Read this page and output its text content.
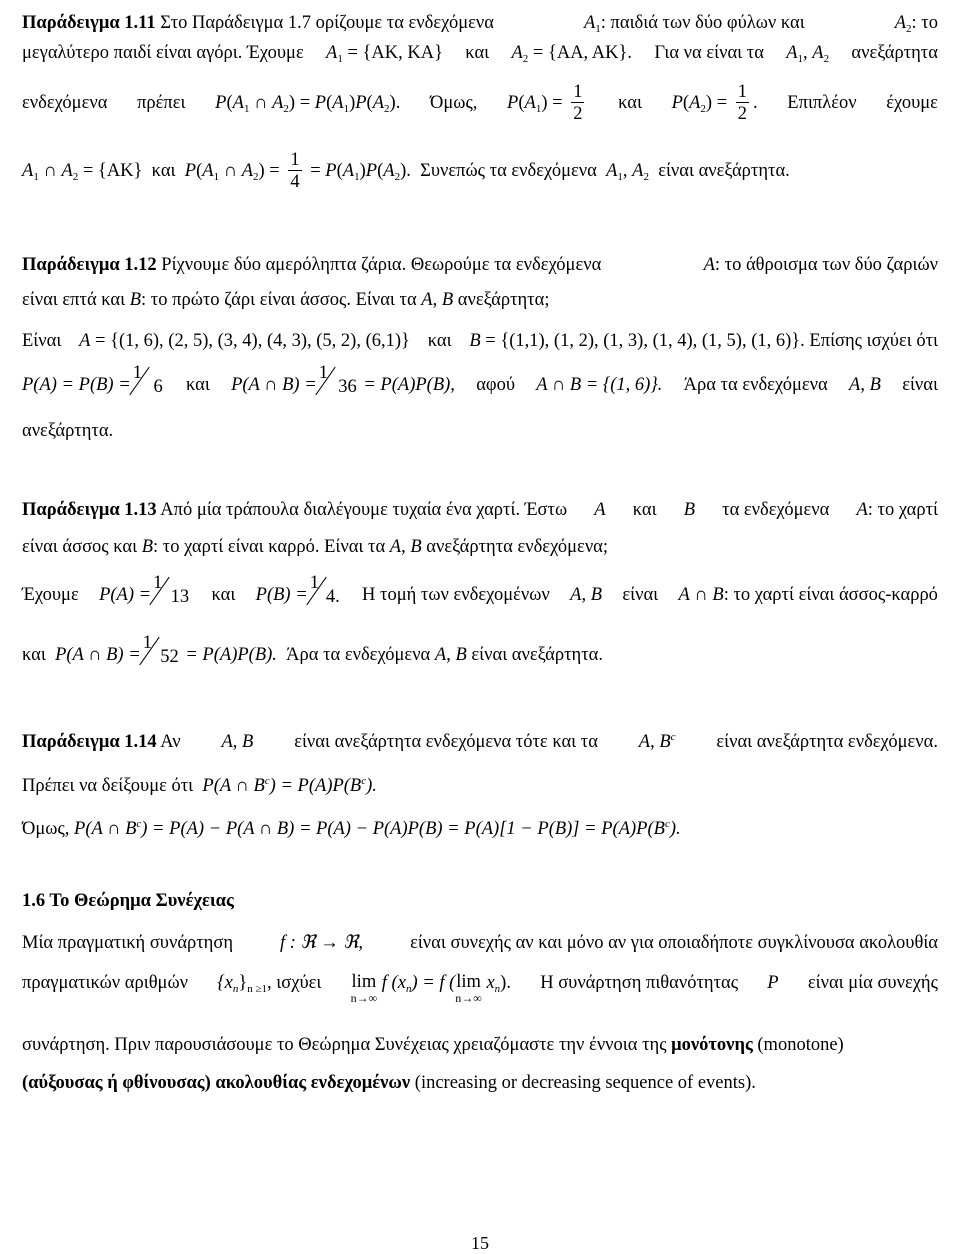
Παράδειγμα 1.11 Στο Παράδειγμα 1.7 ορίζουμε τα ενδεχόμενα	$A_1$: παιδιά των δύο φύλων και	$A_2$: το
μεγαλύτερο παιδί είναι αγόρι. Έχουμε $A_1 = \{AK$, KA} και $A_2 = \{AA$, AK}. Για να είναι τα $A_1$, $A_2$ ανεξάρτητα
ενδεχόμενα πρέπει $P(A_1$ ∩ $A_2) = P(A_1)P(A_2)$. Όμως, $P(A_1) = \frac{1}{2}$ και $P(A_2) = \frac{1}{2}$ . Επιπλέον έχουμε
$A_1$ ∩ $A_2 = \{AK\}$ και $P(A_1$ ∩ $A_2) = \frac{1}{4} = P(A_1)P(A_2)$.  Συνεπώς τα ενδεχόμενα $A_1$, $A_2$ είναι ανεξάρτητα.
Παράδειγμα 1.12 Ρίχνουμε δύο αμερόληπτα ζάρια. Θεωρούμε τα ενδεχόμενα	A: το άθροισμα των δύο ζαριών
είναι επτά και B: το πρώτο ζάρι είναι άσσος. Είναι τα A, B ανεξάρτητα;
Είναι A = {(1, 6), (2, 5), (3, 4), (4, 3), (5, 2), (6,1)} και B = {(1,1), (1, 2), (1, 3), (1, 4), (1, 5), (1, 6)}. Επίσης ισχύει ότι
P(A) = P(B) =
1
6 και P(A ∩ B) =
1
36 = P(A)P(B), αφού A ∩ B = {(1, 6)}. Άρα τα ενδεχόμενα A, B είναι
ανεξάρτητα.
Παράδειγμα 1.13 Από μία τράπουλα διαλέγουμε τυχαία ένα χαρτί. Έστω A και B τα ενδεχόμενα A: το χαρτί
είναι άσσος και B: το χαρτί είναι καρρό. Είναι τα A, B ανεξάρτητα ενδεχόμενα;
Έχουμε P(A) =
1
13 και P(B) =
1
4. Η τομή των ενδεχομένων A, B είναι A ∩ B: το χαρτί είναι άσσος-καρρό
και P(A ∩ B) =
1
52 = P(A)P(B). Άρα τα ενδεχόμενα A, B είναι ανεξάρτητα.
Παράδειγμα 1.14 Αν A, B είναι ανεξάρτητα ενδεχόμενα τότε και τα A, $B^c$ είναι ανεξάρτητα ενδεχόμενα.
Πρέπει να δείξουμε ότι P(A ∩ $B^c) = P(A)P(B^c)$.
Όμως, P(A ∩ $B^c) = P(A) - P(A$ ∩ $B) = P(A) - P(A)P(B) = P(A)[1 - P(B)] = P(A)P(B^c)$.
1.6 Το Θεώρημα Συνέχειας
Μία πραγματική συνάρτηση	f : ℜ → ℜ,	είναι συνεχής αν και μόνο αν για οποιαδήποτε συγκλίνουσα ακολουθία
πραγματικών αριθμών $\{x_n\}_{n \ge 1}$, ισχύει lim
n→∞
f $(x_n) = f$ (lim
n→∞
$x_n$). Η συνάρτηση πιθανότητας P είναι μία συνεχής
συνάρτηση. Πριν παρουσιάσουμε το Θεώρημα Συνέχειας χρειαζόμαστε την έννοια της μονότονης (monotone)
(αύξουσας ή φθίνουσας) ακολουθίας ενδεχομένων (increasing or decreasing sequence of events).
15
